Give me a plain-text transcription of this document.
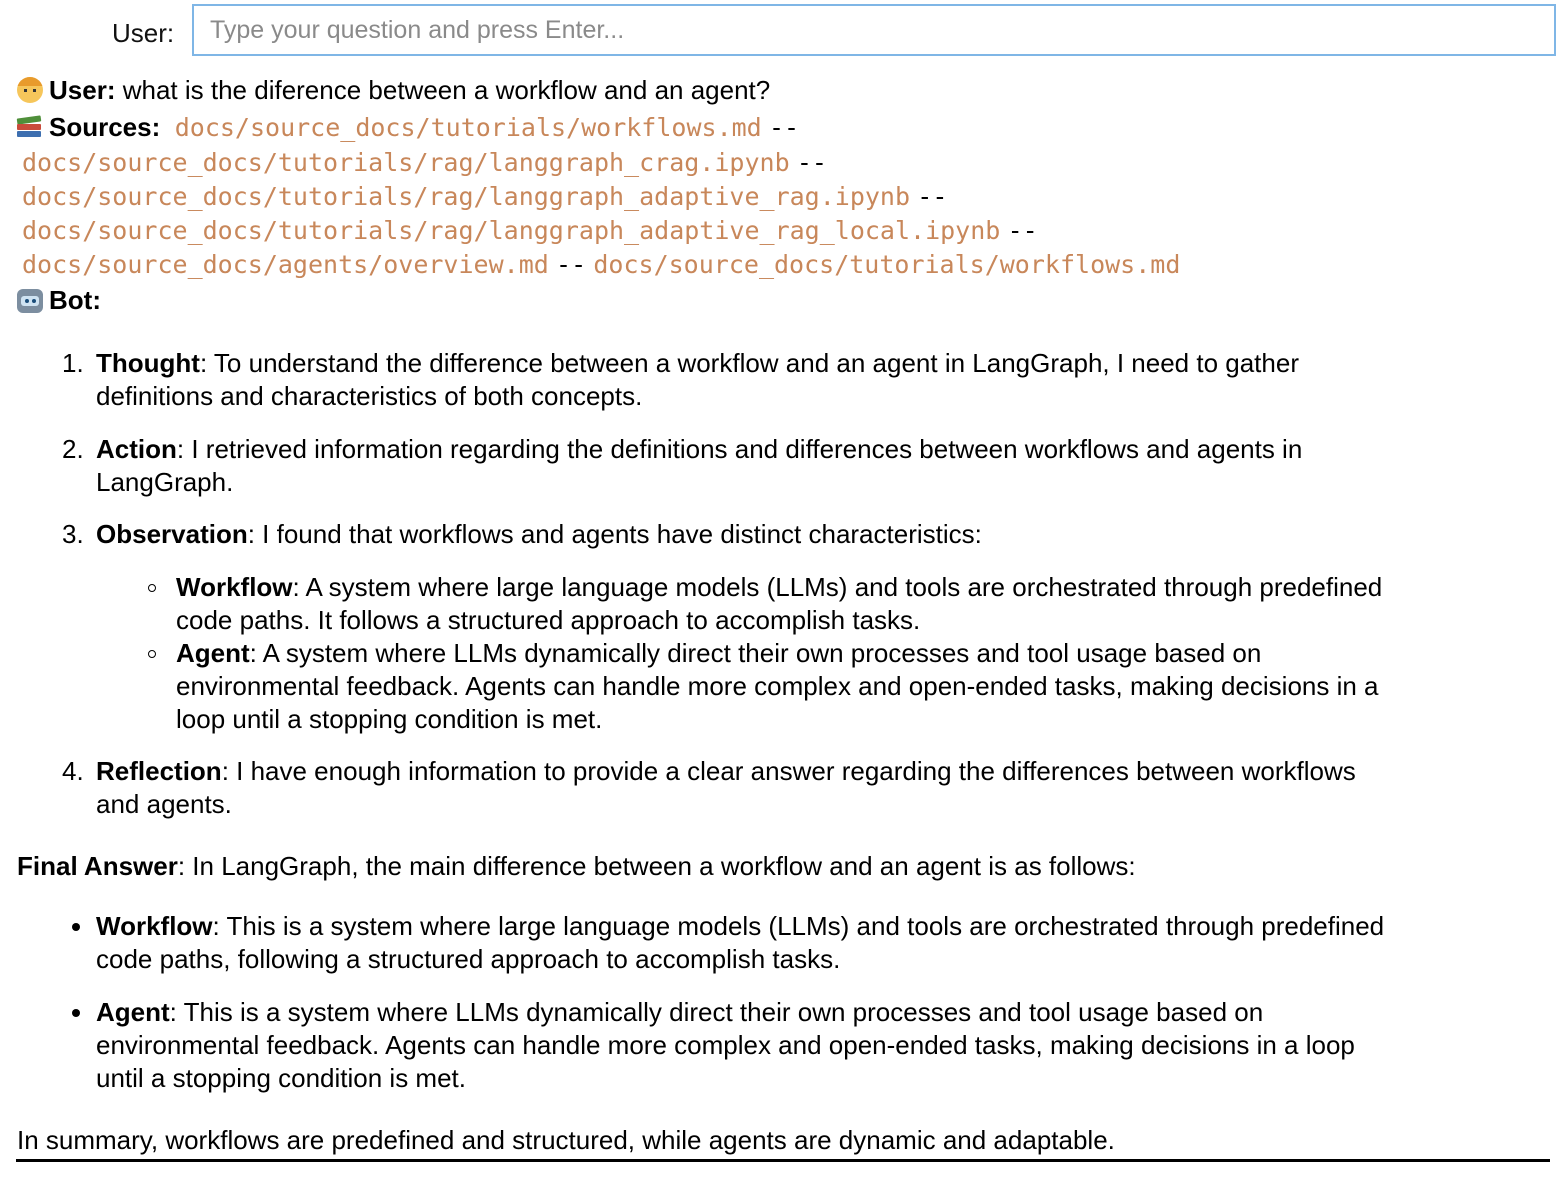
User:
Type your question and press Enter...
User: what is the diference between a workflow and an agent?
Sources: docs/source_docs/tutorials/workflows.md --
docs/source_docs/tutorials/rag/langgraph_crag.ipynb --
docs/source_docs/tutorials/rag/langgraph_adaptive_rag.ipynb --
docs/source_docs/tutorials/rag/langgraph_adaptive_rag_local.ipynb --
docs/source_docs/agents/overview.md -- docs/source_docs/tutorials/workflows.md
Bot:
1. Thought: To understand the difference between a workflow and an agent in LangGraph, I need to gather
definitions and characteristics of both concepts.
2. Action: I retrieved information regarding the definitions and differences between workflows and agents in
LangGraph.
3. Observation: I found that workflows and agents have distinct characteristics:
Workflow: A system where large language models (LLMs) and tools are orchestrated through predefined
code paths. It follows a structured approach to accomplish tasks.
Agent: A system where LLMs dynamically direct their own processes and tool usage based on
environmental feedback. Agents can handle more complex and open-ended tasks, making decisions in a
loop until a stopping condition is met.
4. Reflection: I have enough information to provide a clear answer regarding the differences between workflows
and agents.
Final Answer: In LangGraph, the main difference between a workflow and an agent is as follows:
Workflow: This is a system where large language models (LLMs) and tools are orchestrated through predefined
code paths, following a structured approach to accomplish tasks.
Agent: This is a system where LLMs dynamically direct their own processes and tool usage based on
environmental feedback. Agents can handle more complex and open-ended tasks, making decisions in a loop
until a stopping condition is met.
In summary, workflows are predefined and structured, while agents are dynamic and adaptable.
